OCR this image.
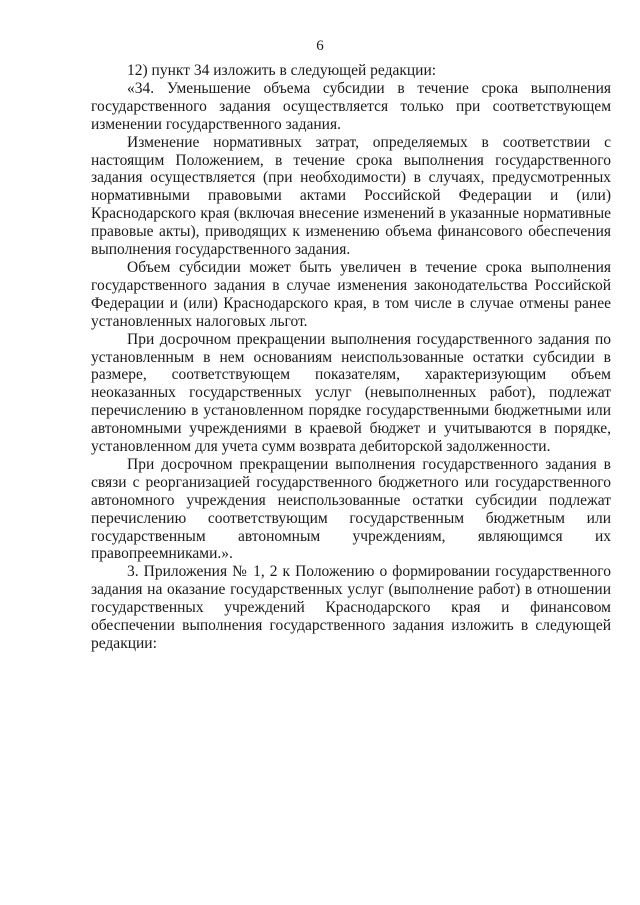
6

12) пункт 34 изложить в следующей редакции:

«34. Уменьшение объема субсидии в течение срока выполнения государственного задания осуществляется только при соответствующем изменении государственного задания.

Изменение нормативных затрат, определяемых в соответствии с настоящим Положением, в течение срока выполнения государственного задания осуществляется (при необходимости) в случаях, предусмотренных нормативными правовыми актами Российской Федерации и (или) Краснодарского края (включая внесение изменений в указанные нормативные правовые акты), приводящих к изменению объема финансового обеспечения выполнения государственного задания.

Объем субсидии может быть увеличен в течение срока выполнения государственного задания в случае изменения законодательства Российской Федерации и (или) Краснодарского края, в том числе в случае отмены ранее установленных налоговых льгот.

При досрочном прекращении выполнения государственного задания по установленным в нем основаниям неиспользованные остатки субсидии в размере, соответствующем показателям, характеризующим объем неоказанных государственных услуг (невыполненных работ), подлежат перечислению в установленном порядке государственными бюджетными или автономными учреждениями в краевой бюджет и учитываются в порядке, установленном для учета сумм возврата дебиторской задолженности.

При досрочном прекращении выполнения государственного задания в связи с реорганизацией государственного бюджетного или государственного автономного учреждения неиспользованные остатки субсидии подлежат перечислению соответствующим государственным бюджетным или государственным автономным учреждениям, являющимся их правопреемниками.».

3. Приложения № 1, 2 к Положению о формировании государственного задания на оказание государственных услуг (выполнение работ) в отношении государственных учреждений Краснодарского края и финансовом обеспечении выполнения государственного задания изложить в следующей редакции:
